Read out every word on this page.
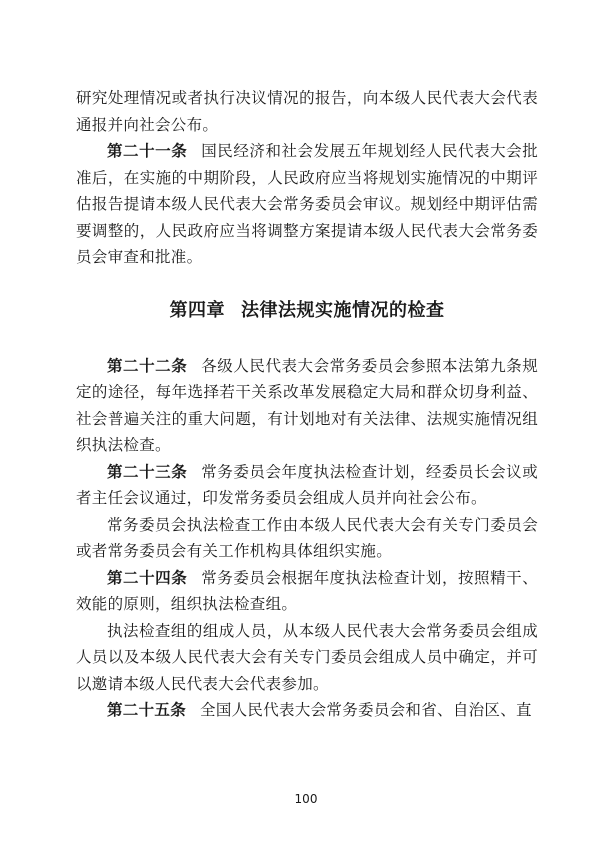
研究处理情况或者执行决议情况的报告，向本级人民代表大会代表通报并向社会公布。

第二十一条 国民经济和社会发展五年规划经人民代表大会批准后，在实施的中期阶段，人民政府应当将规划实施情况的中期评估报告提请本级人民代表大会常务委员会审议。规划经中期评估需要调整的，人民政府应当将调整方案提请本级人民代表大会常务委员会审查和批准。

第四章 法律法规实施情况的检查

第二十二条 各级人民代表大会常务委员会参照本法第九条规定的途径，每年选择若干关系改革发展稳定大局和群众切身利益、社会普遍关注的重大问题，有计划地对有关法律、法规实施情况组织执法检查。

第二十三条 常务委员会年度执法检查计划，经委员长会议或者主任会议通过，印发常务委员会组成人员并向社会公布。

常务委员会执法检查工作由本级人民代表大会有关专门委员会或者常务委员会有关工作机构具体组织实施。

第二十四条 常务委员会根据年度执法检查计划，按照精干、效能的原则，组织执法检查组。

执法检查组的组成人员，从本级人民代表大会常务委员会组成人员以及本级人民代表大会有关专门委员会组成人员中确定，并可以邀请本级人民代表大会代表参加。

第二十五条 全国人民代表大会常务委员会和省、自治区、直

100
